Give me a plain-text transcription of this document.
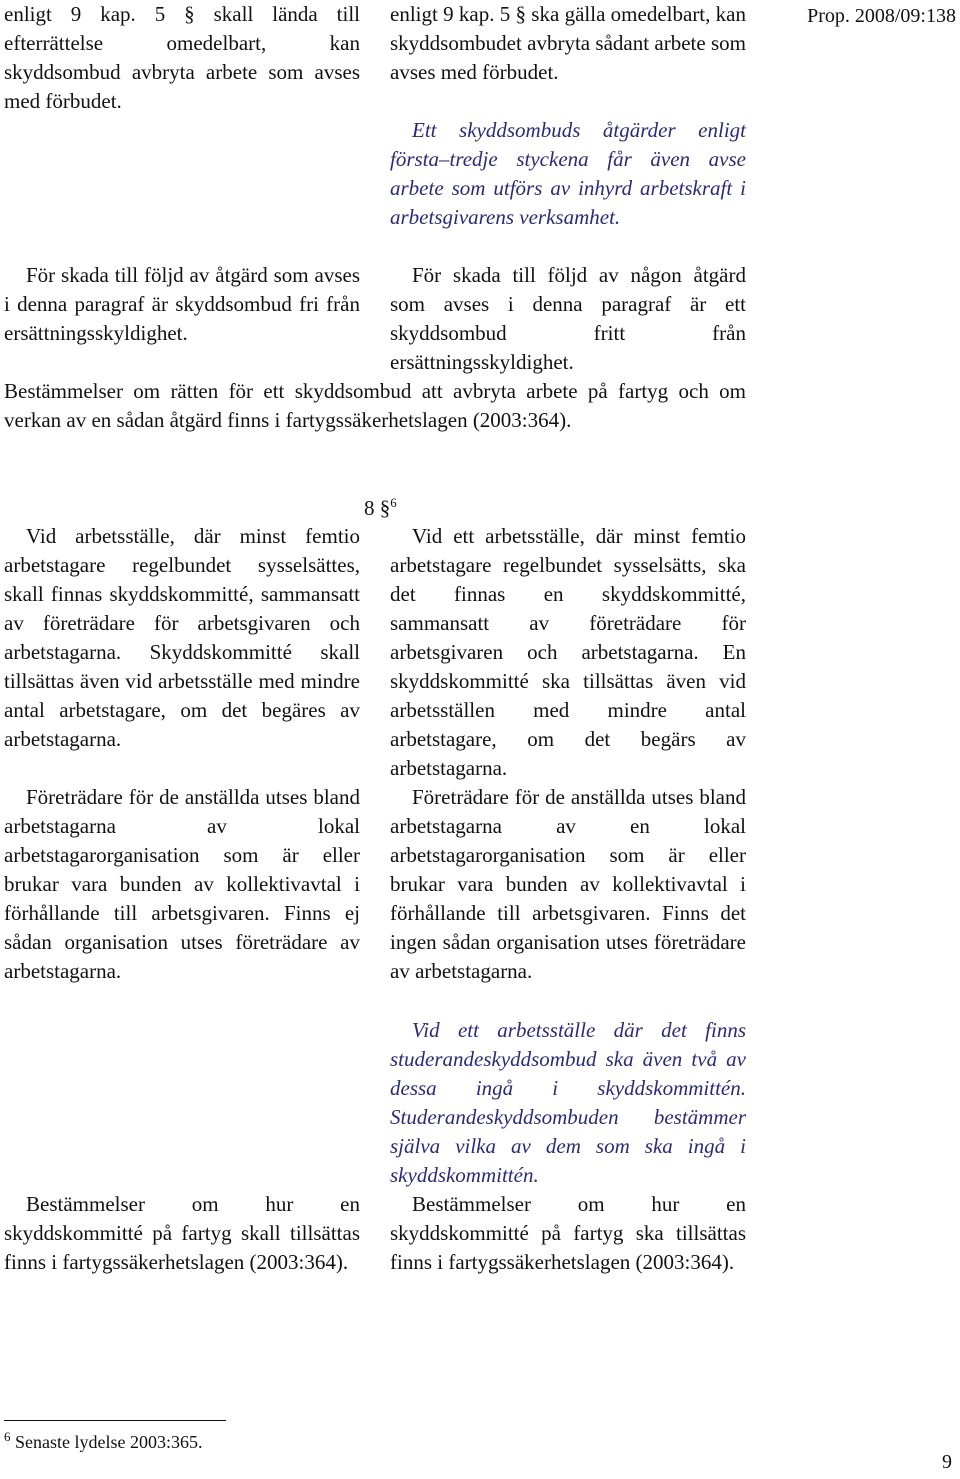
Prop. 2008/09:138
enligt 9 kap. 5 § skall lända till efterrättelse omedelbart, kan skyddsombud avbryta arbete som avses med förbudet.
enligt 9 kap. 5 § ska gälla omedelbart, kan skyddsombudet avbryta sådant arbete som avses med förbudet.
Ett skyddsombuds åtgärder enligt första–tredje styckena får även avse arbete som utförs av inhyrd arbetskraft i arbetsgivarens verksamhet.
För skada till följd av åtgärd som avses i denna paragraf är skyddsombud fri från ersättningsskyldighet.
För skada till följd av någon åtgärd som avses i denna paragraf är ett skyddsombud fritt från ersättningsskyldighet.
Bestämmelser om rätten för ett skyddsombud att avbryta arbete på fartyg och om verkan av en sådan åtgärd finns i fartygssäkerhetslagen (2003:364).
8 §$^6$
Vid arbetsställe, där minst femtio arbetstagare regelbundet sysselsättes, skall finnas skyddskommitté, sammansatt av företrädare för arbetsgivaren och arbetstagarna. Skyddskommitté skall tillsättas även vid arbetsställe med mindre antal arbetstagare, om det begäres av arbetstagarna.
Företrädare för de anställda utses bland arbetstagarna av lokal arbetstagarorganisation som är eller brukar vara bunden av kollektivavtal i förhållande till arbetsgivaren. Finns ej sådan organisation utses företrädare av arbetstagarna.
Bestämmelser om hur en skyddskommitté på fartyg skall tillsättas finns i fartygssäkerhetslagen (2003:364).
Vid ett arbetsställe, där minst femtio arbetstagare regelbundet sysselsätts, ska det finnas en skyddskommitté, sammansatt av företrädare för arbetsgivaren och arbetstagarna. En skyddskommitté ska tillsättas även vid arbetsställen med mindre antal arbetstagare, om det begärs av arbetstagarna.
Företrädare för de anställda utses bland arbetstagarna av en lokal arbetstagarorganisation som är eller brukar vara bunden av kollektivavtal i förhållande till arbetsgivaren. Finns det ingen sådan organisation utses företrädare av arbetstagarna.
Vid ett arbetsställe där det finns studerandeskyddsombud ska även två av dessa ingå i skyddskommittén. Studerandeskyddsombuden bestämmer själva vilka av dem som ska ingå i skyddskommittén.
Bestämmelser om hur en skyddskommitté på fartyg ska tillsättas finns i fartygssäkerhetslagen (2003:364).
$^6$ Senaste lydelse 2003:365.
9
